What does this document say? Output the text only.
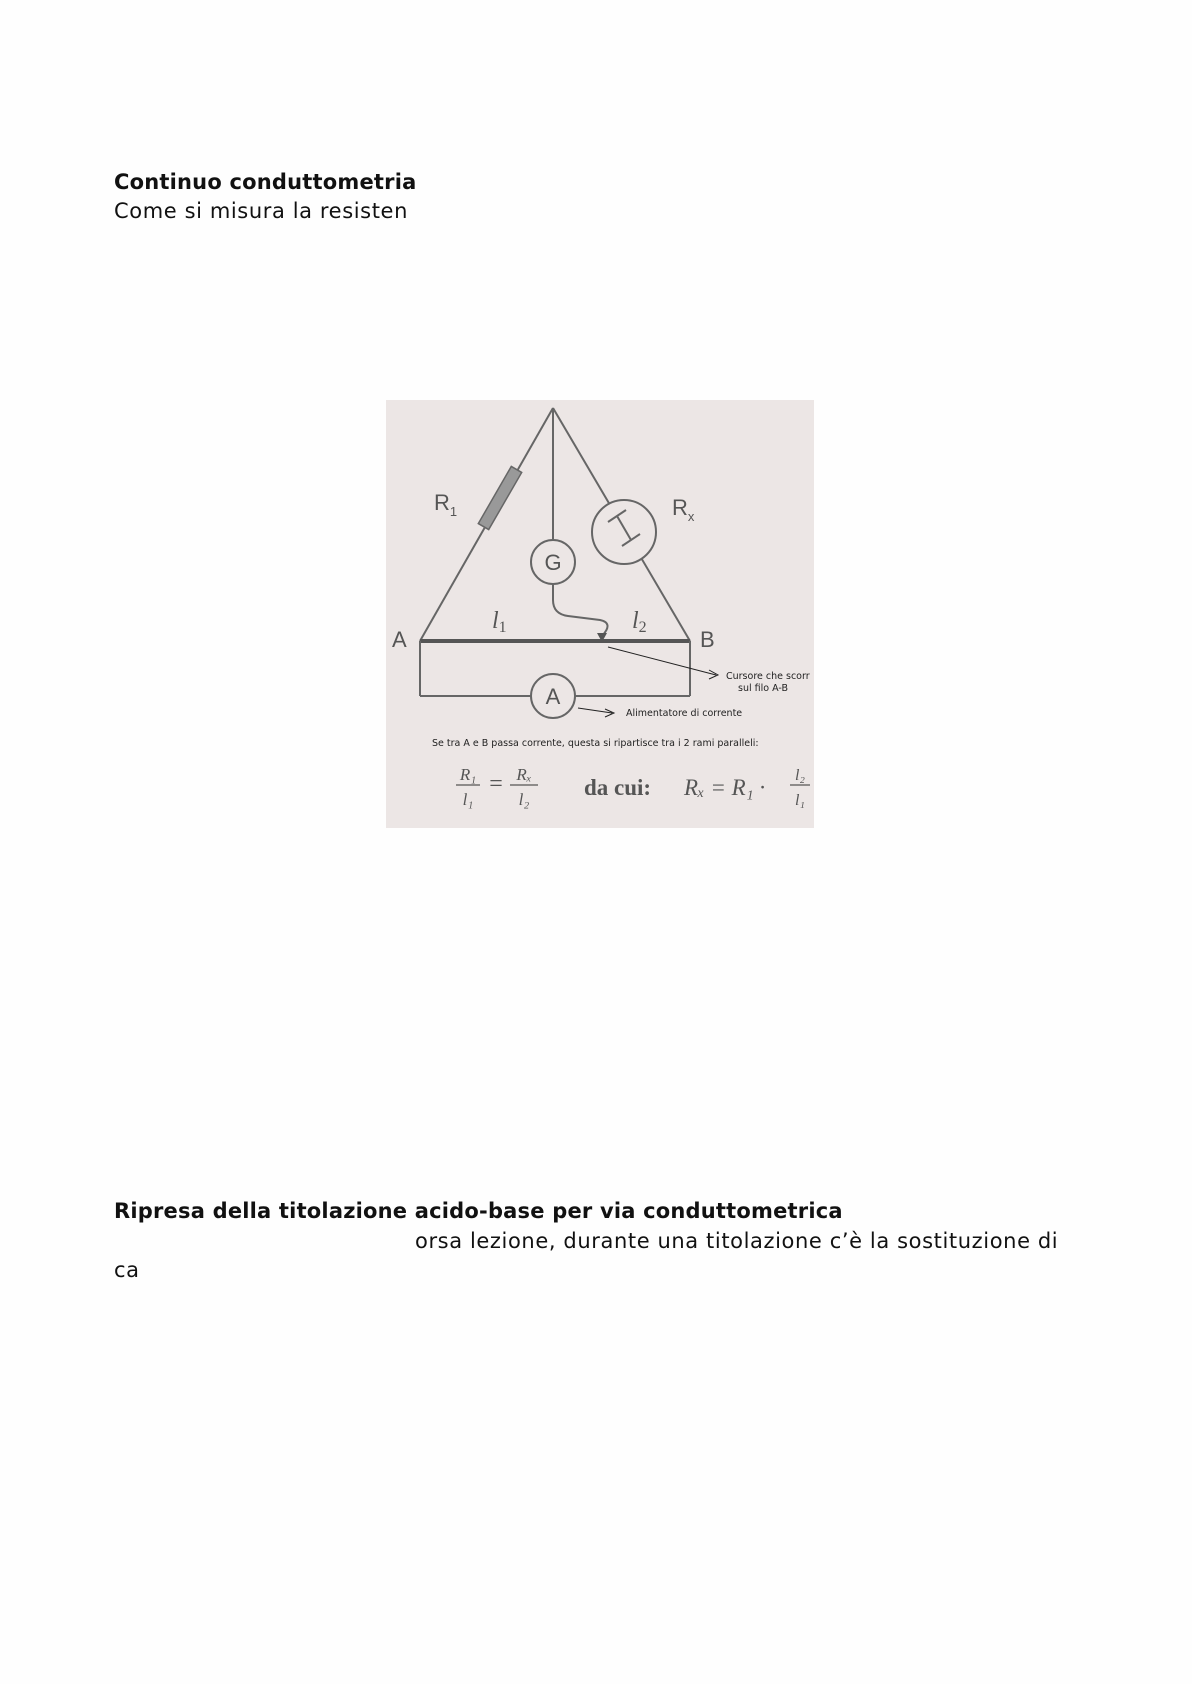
Continuo conduttometria
Come si misura la resisten
G
A
$R_1$	$R_x$
A	B
l1	l2
Cursore che scorr
sul filo A-B
Alimentatore di corrente
Se tra A e B passa corrente, questa si ripartisce tra i 2 rami paralleli:
R₁
l₁
= Rₓ
l₂ da cui: Rₓ = R₁ · l₂
l₁
Ripresa della titolazione acido-base per via conduttometrica
orsa lezione, durante una titolazione c’è la sostituzione di
ca
